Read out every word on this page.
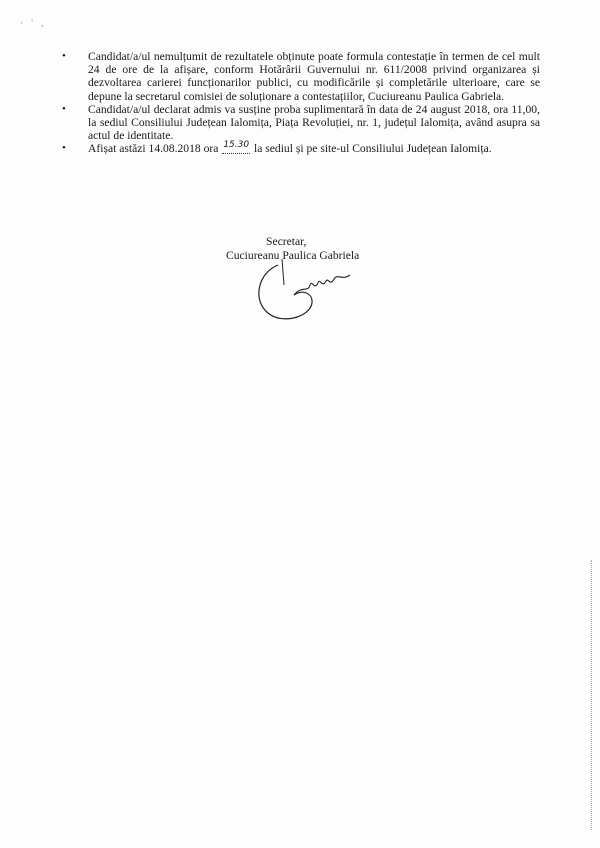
· ' ,
• Candidat/a/ul nemulțumit de rezultatele obținute poate formula contestație în termen de cel mult 24 de ore de la afișare, conform Hotărârii Guvernului nr. 611/2008 privind organizarea și dezvoltarea carierei funcționarilor publici, cu modificările și completările ulterioare, care se depune la secretarul comisiei de soluționare a contestațiilor, Cuciureanu Paulica Gabriela.
• Candidat/a/ul declarat admis va susține proba suplimentară în data de 24 august 2018, ora 11,00, la sediul Consiliului Județean Ialomița, Piața Revoluției, nr. 1, județul Ialomița, având asupra sa actul de identitate.
• Afișat astăzi 14.08.2018 ora 15.30 la sediul și pe site-ul Consiliului Județean Ialomița.
Secretar,
Cuciureanu Paulica Gabriela
